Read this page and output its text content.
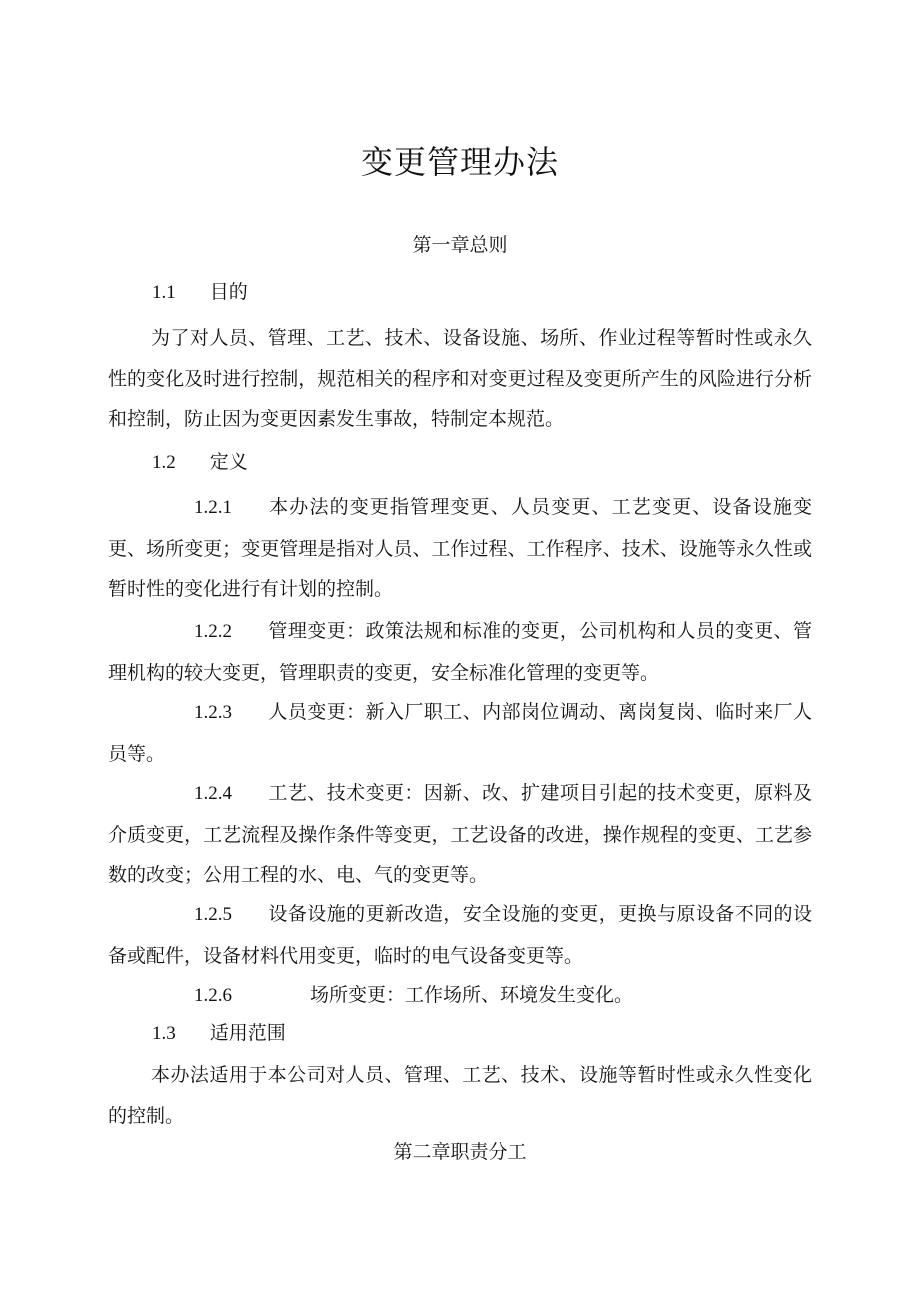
变更管理办法
第一章总则
1.1 目的
为了对人员、管理、工艺、技术、设备设施、场所、作业过程等暂时性或永久性的变化及时进行控制，规范相关的程序和对变更过程及变更所产生的风险进行分析和控制，防止因为变更因素发生事故，特制定本规范。
1.2 定义
1.2.1 本办法的变更指管理变更、人员变更、工艺变更、设备设施变更、场所变更；变更管理是指对人员、工作过程、工作程序、技术、设施等永久性或暂时性的变化进行有计划的控制。
1.2.2 管理变更：政策法规和标准的变更，公司机构和人员的变更、管理机构的较大变更，管理职责的变更，安全标准化管理的变更等。
1.2.3 人员变更：新入厂职工、内部岗位调动、离岗复岗、临时来厂人员等。
1.2.4 工艺、技术变更：因新、改、扩建项目引起的技术变更，原料及介质变更，工艺流程及操作条件等变更，工艺设备的改进，操作规程的变更、工艺参数的改变；公用工程的水、电、气的变更等。
1.2.5 设备设施的更新改造，安全设施的变更，更换与原设备不同的设备或配件，设备材料代用变更，临时的电气设备变更等。
1.2.6	场所变更：工作场所、环境发生变化。
1.3 适用范围
本办法适用于本公司对人员、管理、工艺、技术、设施等暂时性或永久性变化的控制。
第二章职责分工
